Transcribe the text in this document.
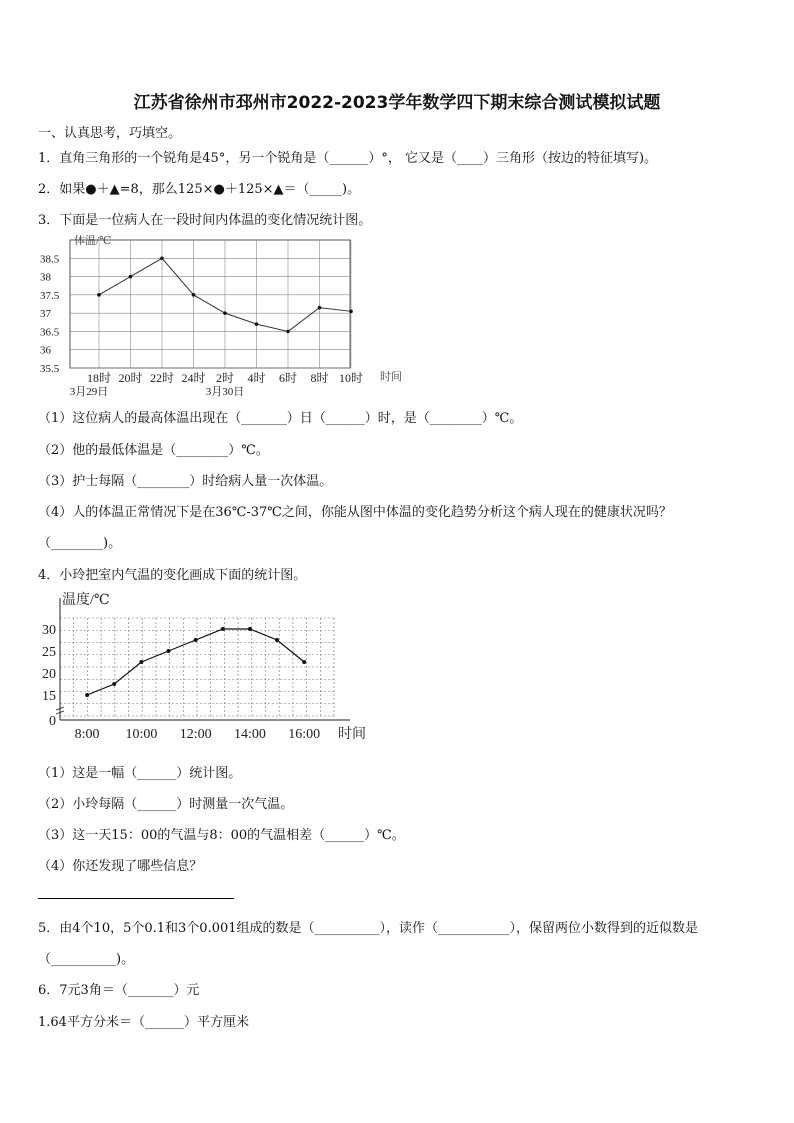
江苏省徐州市邳州市2022-2023学年数学四下期末综合测试模拟试题
一、认真思考，巧填空。
1．直角三角形的一个锐角是45°，另一个锐角是（______）°， 它又是（____）三角形（按边的特征填写)。
2．如果●＋▲=8，那么125×●＋125×▲＝（_____)。
3．下面是一位病人在一段时间内体温的变化情况统计图。
35.5
36
36.5
37
37.5
38
38.5
体温/℃
18时 20时 22时 24时 2时 4时 6时 8时 10时 时间
3月29日	3月30日
（1）这位病人的最高体温出现在（_______）日（______）时，是（________）℃。
（2）他的最低体温是（________）℃。
（3）护士每隔（________）时给病人量一次体温。
（4）人的体温正常情况下是在36℃-37℃之间，你能从图中体温的变化趋势分析这个病人现在的健康状况吗？
（________)。
4．小玲把室内气温的变化画成下面的统计图。
0
15
20
25
30
温度/℃
8:00 10:00 12:00 14:00 16:00 时间
（1）这是一幅（______）统计图。
（2）小玲每隔（______）时测量一次气温。
（3）这一天15：00的气温与8：00的气温相差（______）℃。
（4）你还发现了哪些信息？
5．由4个10，5个0.1和3个0.001组成的数是（__________），读作（___________），保留两位小数得到的近似数是
（__________)。
6．7元3角＝（_______）元
1.64平方分米＝（______）平方厘米
